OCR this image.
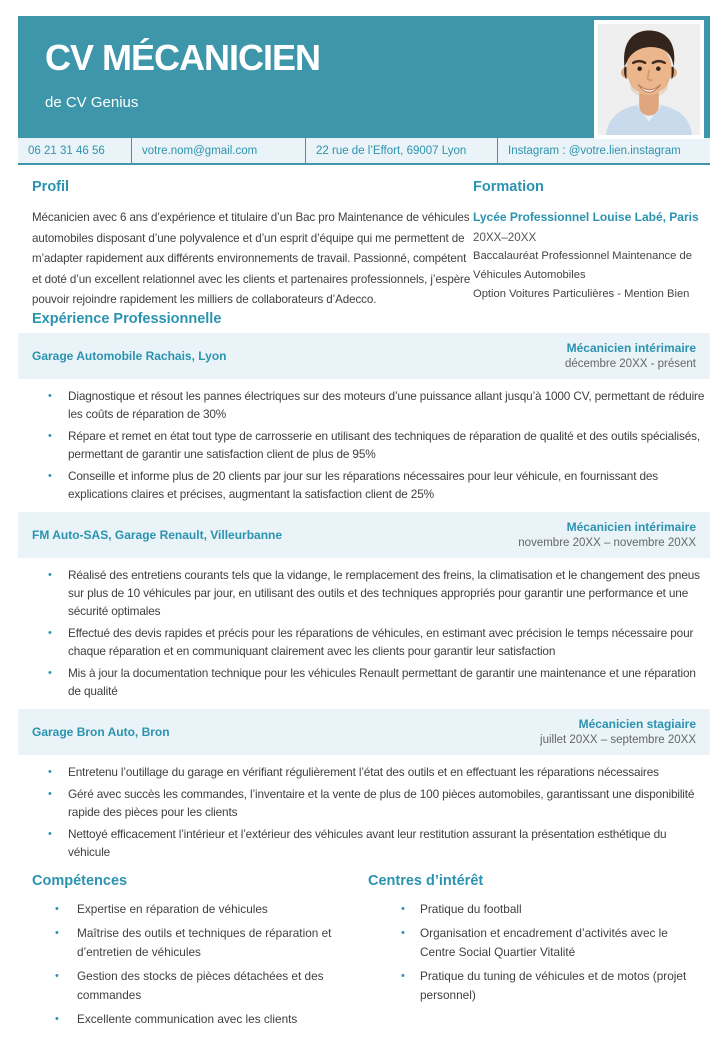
CV MÉCANICIEN
de CV Genius
06 21 31 46 56	votre.nom@gmail.com	22 rue de l’Effort, 69007 Lyon	Instagram : @votre.lien.instagram
Profil

Mécanicien avec 6 ans d’expérience et titulaire d’un Bac pro Maintenance de véhicules automobiles disposant d’une polyvalence et d’un esprit d’équipe qui me permettent de m’adapter rapidement aux différents environnements de travail. Passionné, compétent et doté d’un excellent relationnel avec les clients et partenaires professionnels, j’espère pouvoir rejoindre rapidement les milliers de collaborateurs d’Adecco.

Formation
Lycée Professionnel Louise Labé, Paris
20XX–20XX
Baccalauréat Professionnel Maintenance de Véhicules Automobiles
Option Voitures Particulières - Mention Bien
Expérience Professionnelle
Garage Automobile Rachais, Lyon
Mécanicien intérimaire
décembre 20XX - présent
•	Diagnostique et résout les pannes électriques sur des moteurs d’une puissance allant jusqu’à 1000 CV, permettant de réduire les coûts de réparation de 30%
•	Répare et remet en état tout type de carrosserie en utilisant des techniques de réparation de qualité et des outils spécialisés, permettant de garantir une satisfaction client de plus de 95%
•	Conseille et informe plus de 20 clients par jour sur les réparations nécessaires pour leur véhicule, en fournissant des explications claires et précises, augmentant la satisfaction client de 25%
FM Auto-SAS, Garage Renault, Villeurbanne
Mécanicien intérimaire
novembre 20XX – novembre 20XX
•	Réalisé des entretiens courants tels que la vidange, le remplacement des freins, la climatisation et le changement des pneus sur plus de 10 véhicules par jour, en utilisant des outils et des techniques appropriés pour garantir une performance et une sécurité optimales
•	Effectué des devis rapides et précis pour les réparations de véhicules, en estimant avec précision le temps nécessaire pour chaque réparation et en communiquant clairement avec les clients pour garantir leur satisfaction
•	Mis à jour la documentation technique pour les véhicules Renault permettant de garantir une maintenance et une réparation de qualité
Garage Bron Auto, Bron
Mécanicien stagiaire
juillet 20XX – septembre 20XX
•	Entretenu l’outillage du garage en vérifiant régulièrement l’état des outils et en effectuant les réparations nécessaires
•	Géré avec succès les commandes, l’inventaire et la vente de plus de 100 pièces automobiles, garantissant une disponibilité rapide des pièces pour les clients
•	Nettoyé efficacement l’intérieur et l’extérieur des véhicules avant leur restitution assurant la présentation esthétique du véhicule
Compétences
•	Expertise en réparation de véhicules
•	Maîtrise des outils et techniques de réparation et d’entretien de véhicules
•	Gestion des stocks de pièces détachées et des commandes
•	Excellente communication avec les clients
Centres d’intérêt
•	Pratique du football
•	Organisation et encadrement d’activités avec le Centre Social Quartier Vitalité
•	Pratique du tuning de véhicules et de motos (projet personnel)
